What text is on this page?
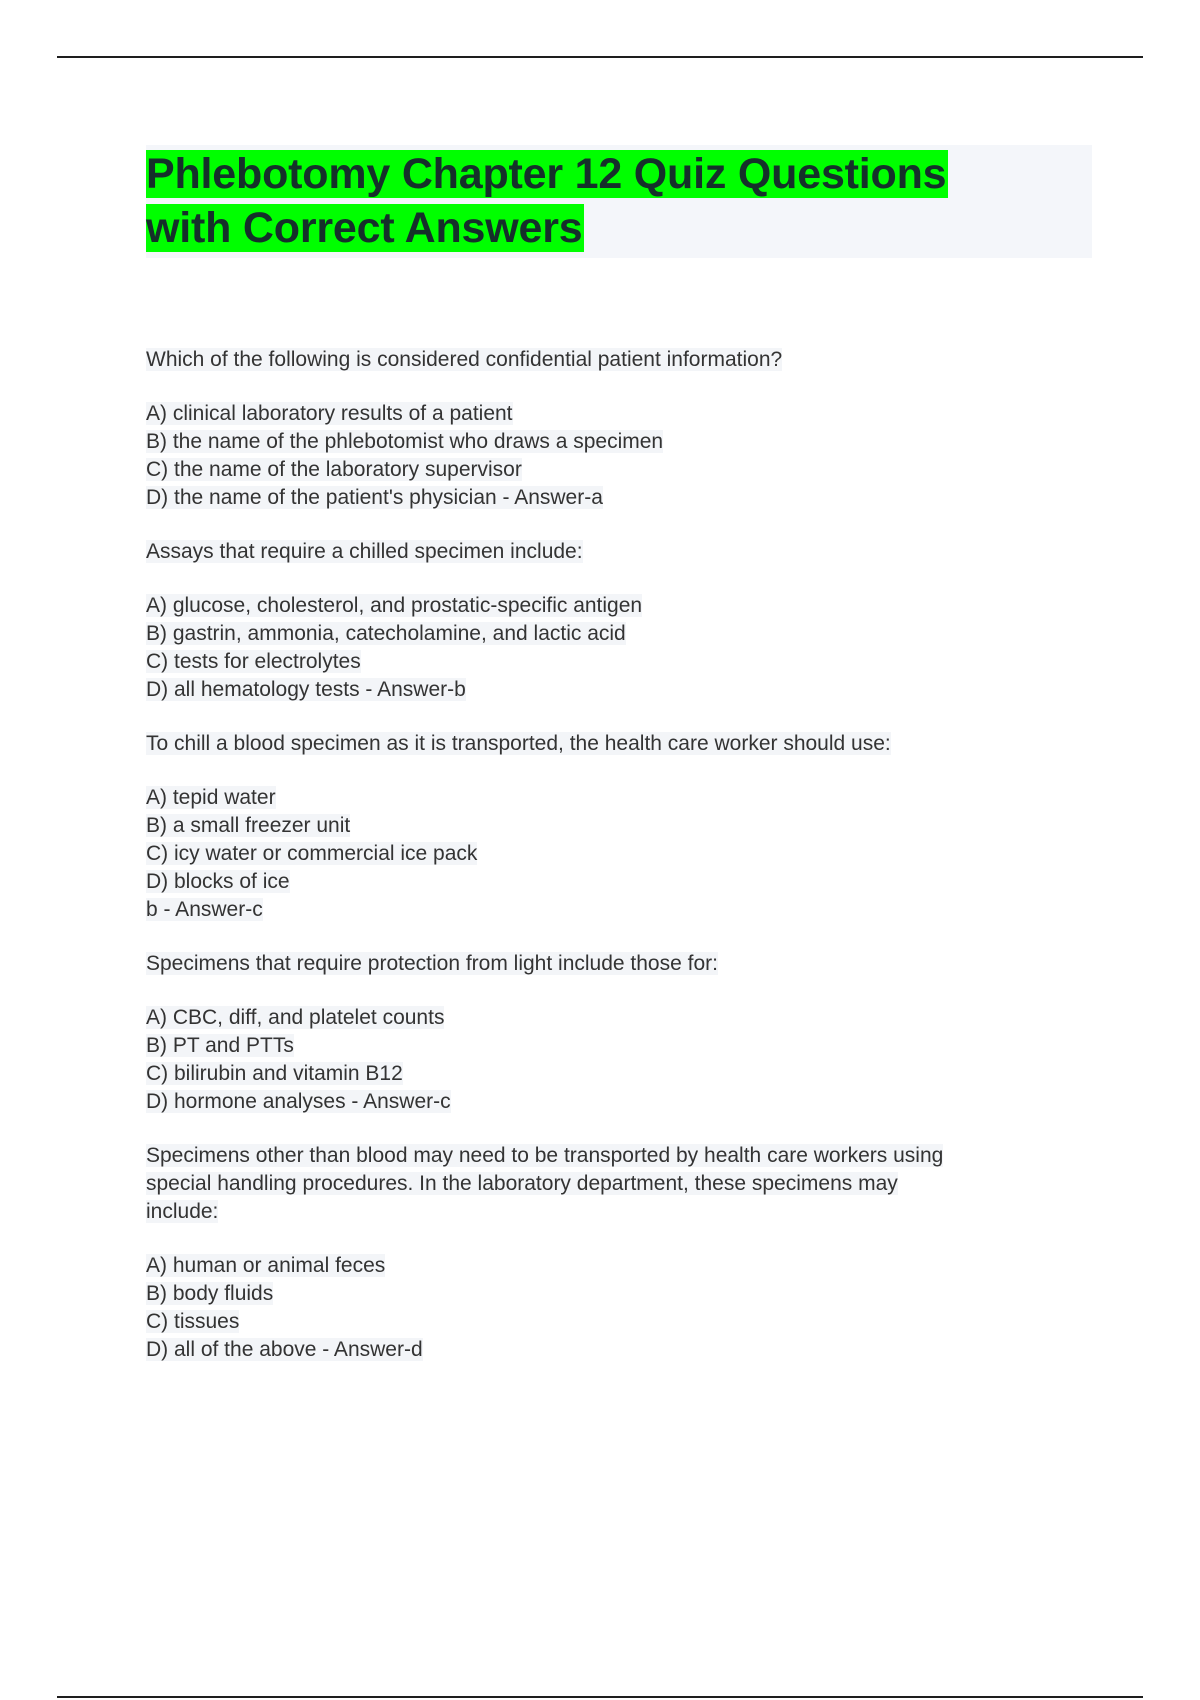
Phlebotomy Chapter 12 Quiz Questions
with Correct Answers
Which of the following is considered confidential patient information?
A) clinical laboratory results of a patient
B) the name of the phlebotomist who draws a specimen
C) the name of the laboratory supervisor
D) the name of the patient's physician - Answer-a
Assays that require a chilled specimen include:
A) glucose, cholesterol, and prostatic-specific antigen
B) gastrin, ammonia, catecholamine, and lactic acid
C) tests for electrolytes
D) all hematology tests - Answer-b
To chill a blood specimen as it is transported, the health care worker should use:
A) tepid water
B) a small freezer unit
C) icy water or commercial ice pack
D) blocks of ice
b - Answer-c
Specimens that require protection from light include those for:
A) CBC, diff, and platelet counts
B) PT and PTTs
C) bilirubin and vitamin B12
D) hormone analyses - Answer-c
Specimens other than blood may need to be transported by health care workers using
special handling procedures. In the laboratory department, these specimens may
include:
A) human or animal feces
B) body fluids
C) tissues
D) all of the above - Answer-d
